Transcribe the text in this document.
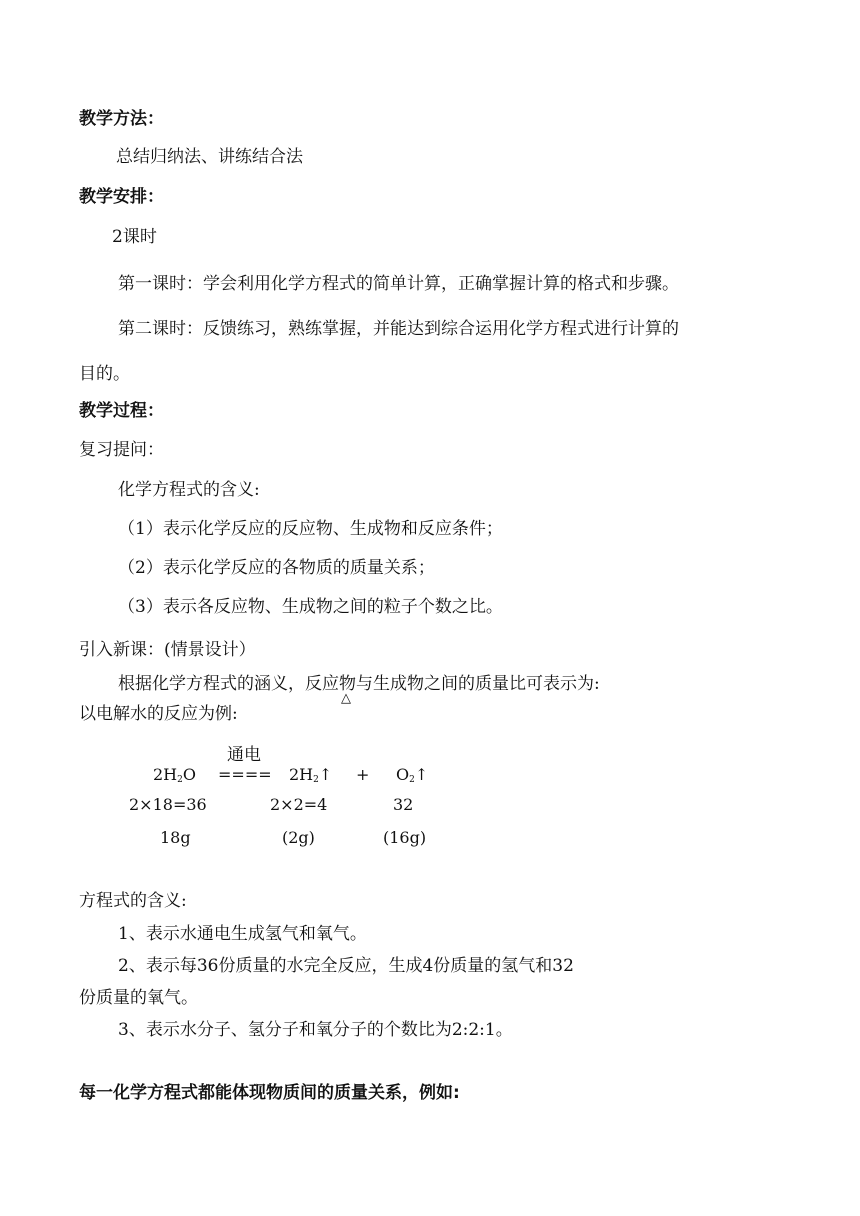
教学方法：
总结归纳法、讲练结合法
教学安排：
2课时
第一课时：学会利用化学方程式的简单计算，正确掌握计算的格式和步骤。
第二课时：反馈练习，熟练掌握，并能达到综合运用化学方程式进行计算的
目的。
教学过程：
复习提问：
化学方程式的含义:
（1）表示化学反应的反应物、生成物和反应条件；
（2）表示化学反应的各物质的质量关系；
（3）表示各反应物、生成物之间的粒子个数之比。
引入新课：(情景设计）
根据化学方程式的涵义，反应物与生成物之间的质量比可表示为:
△
以电解水的反应为例:
通电
$2H_2O$ ==== $2H_2↑$ + $O_2↑$
2×18=36	2×2=4	32
18g	(2g)	(16g)
方程式的含义:
1、表示水通电生成氢气和氧气。
2、表示每36份质量的水完全反应，生成4份质量的氢气和32
份质量的氧气。
3、表示水分子、氢分子和氧分子的个数比为2:2:1。
每一化学方程式都能体现物质间的质量关系，例如:
